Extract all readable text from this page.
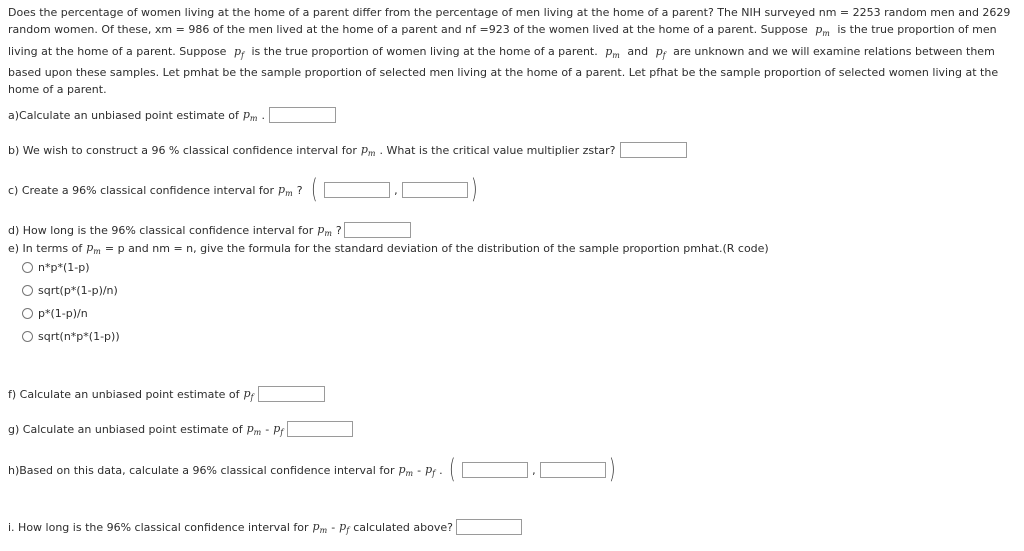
Does the percentage of women living at the home of a parent differ from the percentage of men living at the home of a parent? The NIH surveyed nm = 2253 random men and 2629 random women. Of these, xm = 986 of the men lived at the home of a parent and nf =923 of the women lived at the home of a parent. Suppose $p_m$ is the true proportion of men living at the home of a parent. Suppose $p_f$ is the true proportion of women living at the home of a parent. $p_m$ and $p_f$ are unknown and we will examine relations between them based upon these samples. Let pmhat be the sample proportion of selected men living at the home of a parent. Let pfhat be the sample proportion of selected women living at the home of a parent.

a)Calculate an unbiased point estimate of $p_m$ .
b) We wish to construct a 96 % classical confidence interval for $p_m$ . What is the critical value multiplier zstar?
c) Create a 96% classical confidence interval for $p_m$ ? (	,	)
d) How long is the 96% classical confidence interval for $p_m$ ?
e) In terms of $p_m = p$ and nm = n, give the formula for the standard deviation of the distribution of the sample proportion pmhat.(R code)
n*p*(1-p)
sqrt(p*(1-p)/n)
p*(1-p)/n
sqrt(n*p*(1-p))
f) Calculate an unbiased point estimate of $p_f$
g) Calculate an unbiased point estimate of $p_m - p_f$
h)Based on this data, calculate a 96% classical confidence interval for $p_m - p_f$ . (	,	)
i. How long is the 96% classical confidence interval for $p_m - p_f$ calculated above?
